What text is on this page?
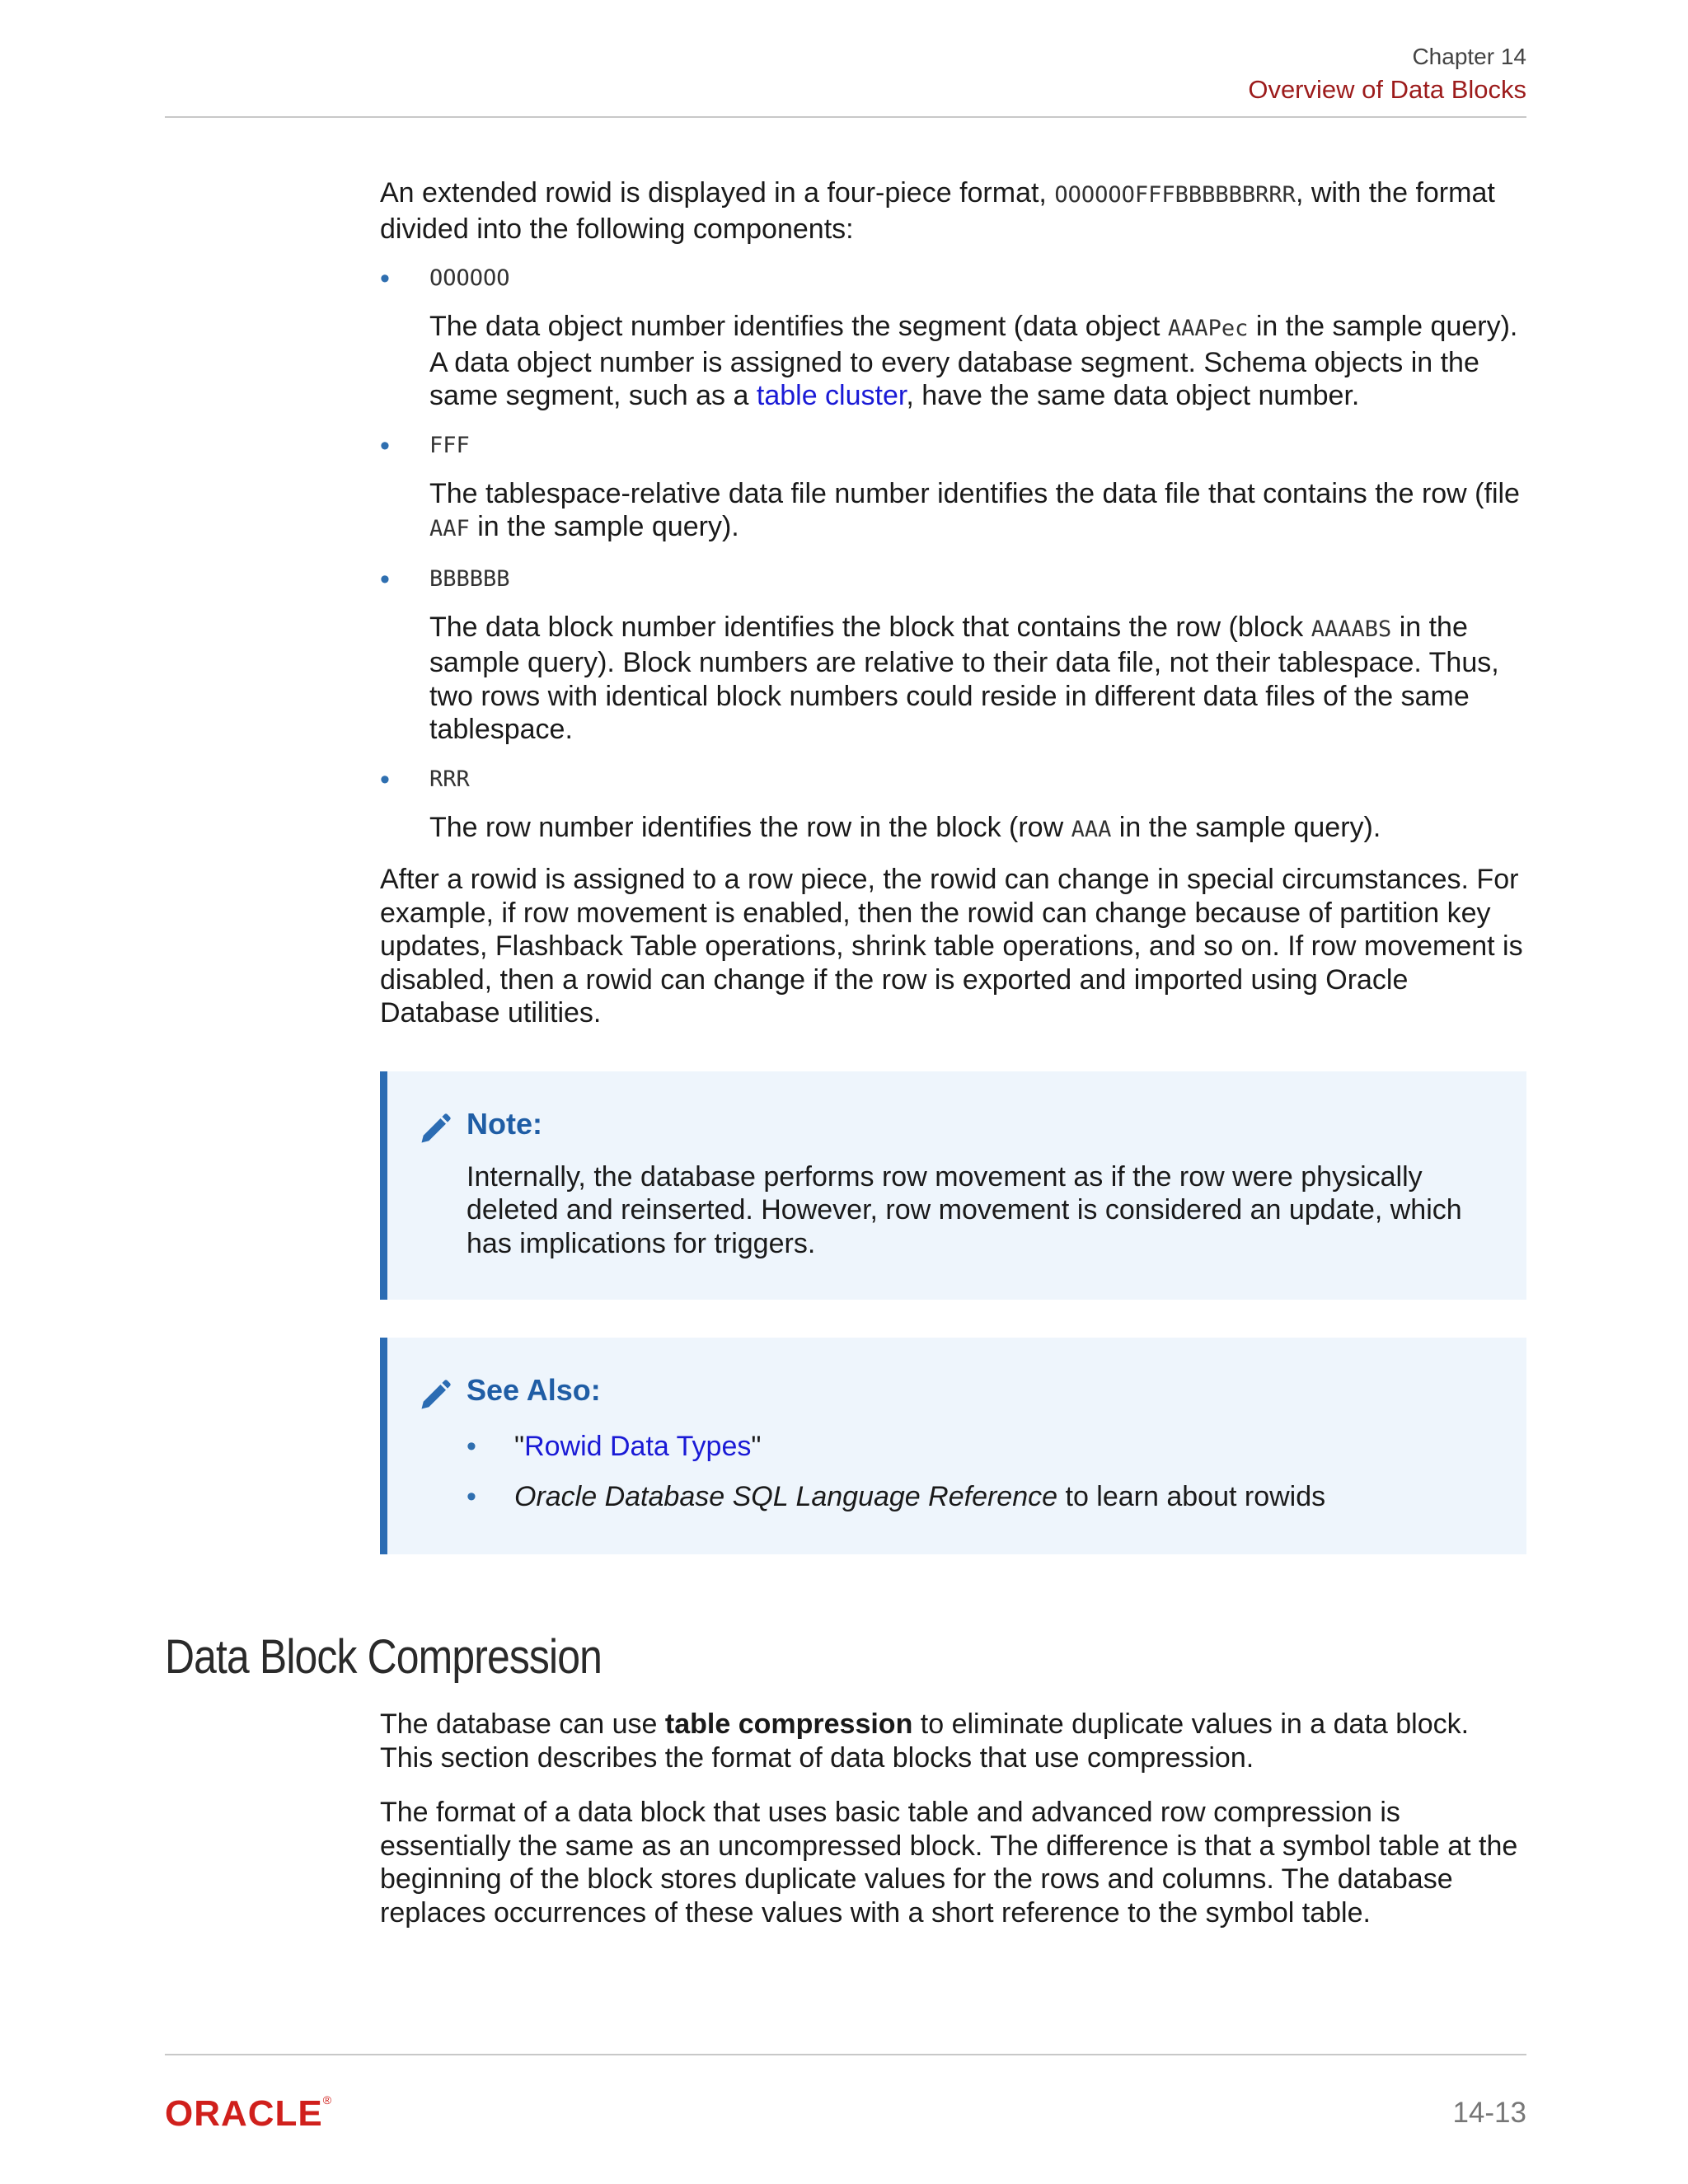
Chapter 14
Overview of Data Blocks

An extended rowid is displayed in a four-piece format, OOOOOOFFFBBBBBBRRR, with the format divided into the following components:

• OOOOOO

The data object number identifies the segment (data object AAAPec in the sample query). A data object number is assigned to every database segment. Schema objects in the same segment, such as a table cluster, have the same data object number.

• FFF

The tablespace-relative data file number identifies the data file that contains the row (file AAF in the sample query).

• BBBBBB

The data block number identifies the block that contains the row (block AAAABS in the sample query). Block numbers are relative to their data file, not their tablespace. Thus, two rows with identical block numbers could reside in different data files of the same tablespace.

• RRR

The row number identifies the row in the block (row AAA in the sample query).

After a rowid is assigned to a row piece, the rowid can change in special circumstances. For example, if row movement is enabled, then the rowid can change because of partition key updates, Flashback Table operations, shrink table operations, and so on. If row movement is disabled, then a rowid can change if the row is exported and imported using Oracle Database utilities.

Note:
Internally, the database performs row movement as if the row were physically deleted and reinserted. However, row movement is considered an update, which has implications for triggers.
See Also:
• "Rowid Data Types"
• Oracle Database SQL Language Reference to learn about rowids
Data Block Compression

The database can use table compression to eliminate duplicate values in a data block. This section describes the format of data blocks that use compression.

The format of a data block that uses basic table and advanced row compression is essentially the same as an uncompressed block. The difference is that a symbol table at the beginning of the block stores duplicate values for the rows and columns. The database replaces occurrences of these values with a short reference to the symbol table.

ORACLE®	14-13
